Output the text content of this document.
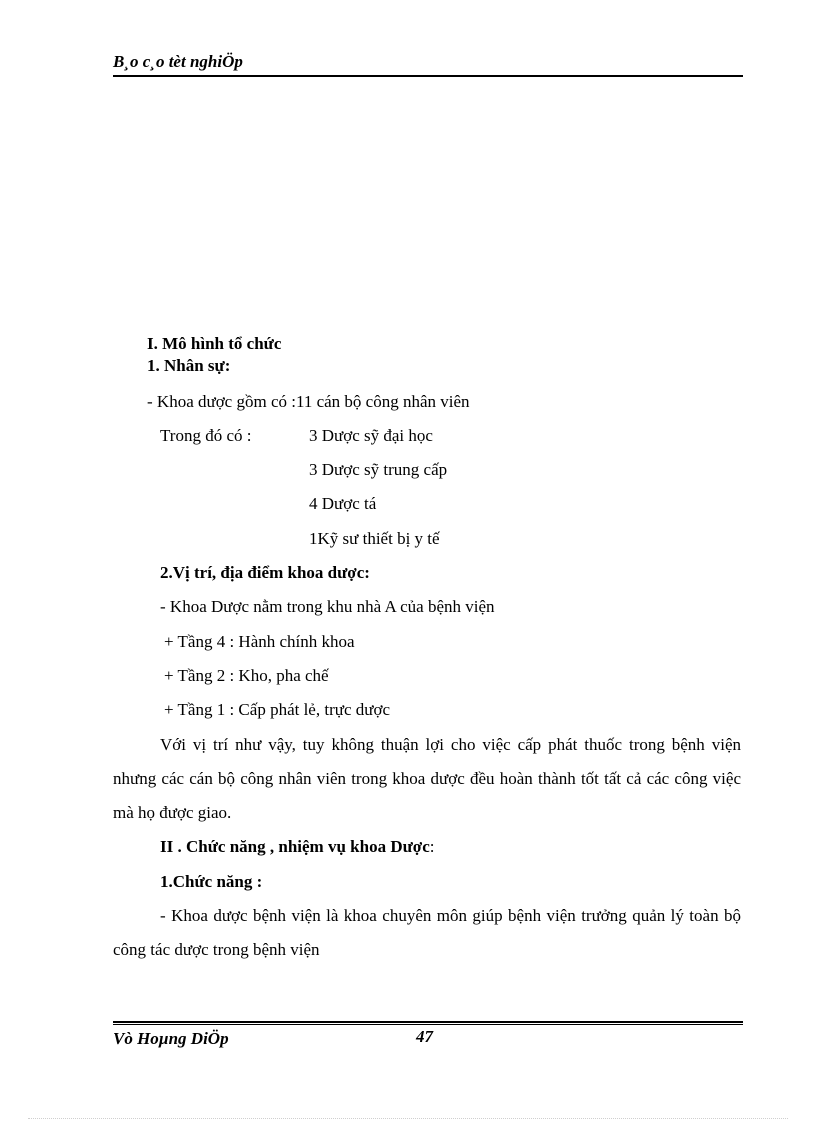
B¸o c¸o tèt nghiÖp
I. Mô hình tổ chức
1. Nhân sự:
- Khoa dược gồm có :11 cán bộ công nhân viên
Trong đó có :	3 Dược sỹ đại học
3 Dược sỹ trung cấp
4 Dược tá
1Kỹ sư thiết bị y tế
2.Vị trí, địa điểm khoa dược:
- Khoa Dược nằm trong khu nhà A của bệnh viện
+ Tầng 4 : Hành chính khoa
+ Tầng 2 : Kho, pha chế
+ Tầng 1 : Cấp phát lẻ, trực dược
Với vị trí như vậy, tuy không thuận lợi cho việc cấp phát thuốc trong bệnh viện nhưng các cán bộ công nhân viên trong khoa dược đều hoàn thành tốt tất cả các công việc mà họ được giao.
II . Chức năng , nhiệm vụ khoa Dược:
1.Chức năng :
- Khoa dược bệnh viện là khoa chuyên môn giúp bệnh viện trưởng quản lý toàn bộ công tác dược trong bệnh viện
Vò Hoµng DiÖp	47
